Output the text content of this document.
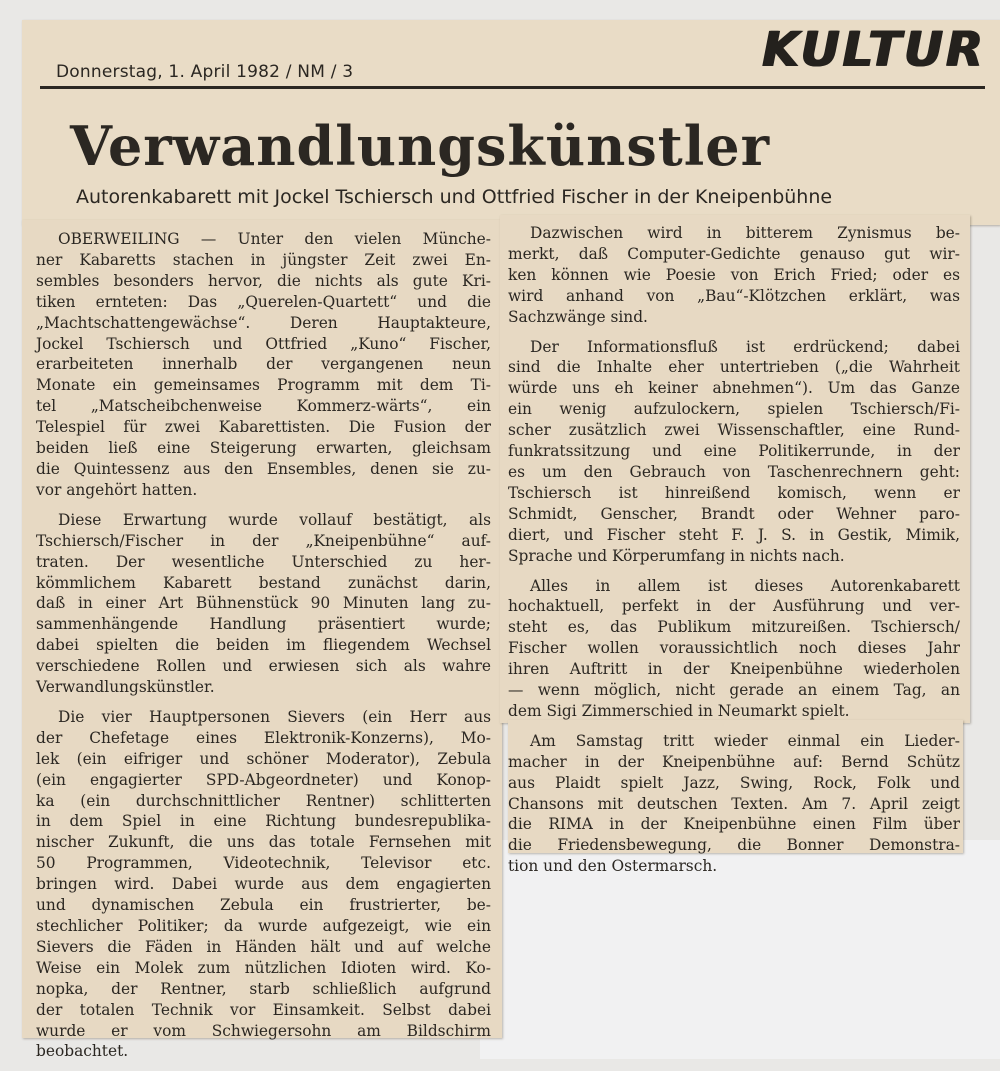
Donnerstag, 1. April 1982 / NM / 3	KULTUR
Verwandlungskünstler
Autorenkabarett mit Jockel Tschiersch und Ottfried Fischer in der Kneipenbühne

OBERWEILING — Unter den vielen Münche-
ner Kabaretts stachen in jüngster Zeit zwei En-
sembles besonders hervor, die nichts als gute Kri-
tiken ernteten: Das „Querelen-Quartett“ und die
„Machtschattengewächse“. Deren Hauptakteure,
Jockel Tschiersch und Ottfried „Kuno“ Fischer,
erarbeiteten innerhalb der vergangenen neun
Monate ein gemeinsames Programm mit dem Ti-
tel „Matscheibchenweise Kommerz-wärts“, ein
Telespiel für zwei Kabarettisten. Die Fusion der
beiden ließ eine Steigerung erwarten, gleichsam
die Quintessenz aus den Ensembles, denen sie zu-
vor angehört hatten.

Diese Erwartung wurde vollauf bestätigt, als
Tschiersch/Fischer in der „Kneipenbühne“ auf-
traten. Der wesentliche Unterschied zu her-
kömmlichem Kabarett bestand zunächst darin,
daß in einer Art Bühnenstück 90 Minuten lang zu-
sammenhängende Handlung präsentiert wurde;
dabei spielten die beiden im fliegendem Wechsel
verschiedene Rollen und erwiesen sich als wahre
Verwandlungskünstler.

Die vier Hauptpersonen Sievers (ein Herr aus
der Chefetage eines Elektronik-Konzerns), Mo-
lek (ein eifriger und schöner Moderator), Zebula
(ein engagierter SPD-Abgeordneter) und Konop-
ka (ein durchschnittlicher Rentner) schlitterten
in dem Spiel in eine Richtung bundesrepublika-
nischer Zukunft, die uns das totale Fernsehen mit
50 Programmen, Videotechnik, Televisor etc.
bringen wird. Dabei wurde aus dem engagierten
und dynamischen Zebula ein frustrierter, be-
stechlicher Politiker; da wurde aufgezeigt, wie ein
Sievers die Fäden in Händen hält und auf welche
Weise ein Molek zum nützlichen Idioten wird. Ko-
nopka, der Rentner, starb schließlich aufgrund
der totalen Technik vor Einsamkeit. Selbst dabei
wurde er vom Schwiegersohn am Bildschirm
beobachtet.

Dazwischen wird in bitterem Zynismus be-
merkt, daß Computer-Gedichte genauso gut wir-
ken können wie Poesie von Erich Fried; oder es
wird anhand von „Bau“-Klötzchen erklärt, was
Sachzwänge sind.

Der Informationsfluß ist erdrückend; dabei
sind die Inhalte eher untertrieben („die Wahrheit
würde uns eh keiner abnehmen“). Um das Ganze
ein wenig aufzulockern, spielen Tschiersch/Fi-
scher zusätzlich zwei Wissenschaftler, eine Rund-
funkratssitzung und eine Politikerrunde, in der
es um den Gebrauch von Taschenrechnern geht:
Tschiersch ist hinreißend komisch, wenn er
Schmidt, Genscher, Brandt oder Wehner paro-
diert, und Fischer steht F. J. S. in Gestik, Mimik,
Sprache und Körperumfang in nichts nach.

Alles in allem ist dieses Autorenkabarett
hochaktuell, perfekt in der Ausführung und ver-
steht es, das Publikum mitzureißen. Tschiersch/
Fischer wollen voraussichtlich noch dieses Jahr
ihren Auftritt in der Kneipenbühne wiederholen
— wenn möglich, nicht gerade an einem Tag, an
dem Sigi Zimmerschied in Neumarkt spielt.

Am Samstag tritt wieder einmal ein Lieder-
macher in der Kneipenbühne auf: Bernd Schütz
aus Plaidt spielt Jazz, Swing, Rock, Folk und
Chansons mit deutschen Texten. Am 7. April zeigt
die RIMA in der Kneipenbühne einen Film über
die Friedensbewegung, die Bonner Demonstra-
tion und den Ostermarsch.
